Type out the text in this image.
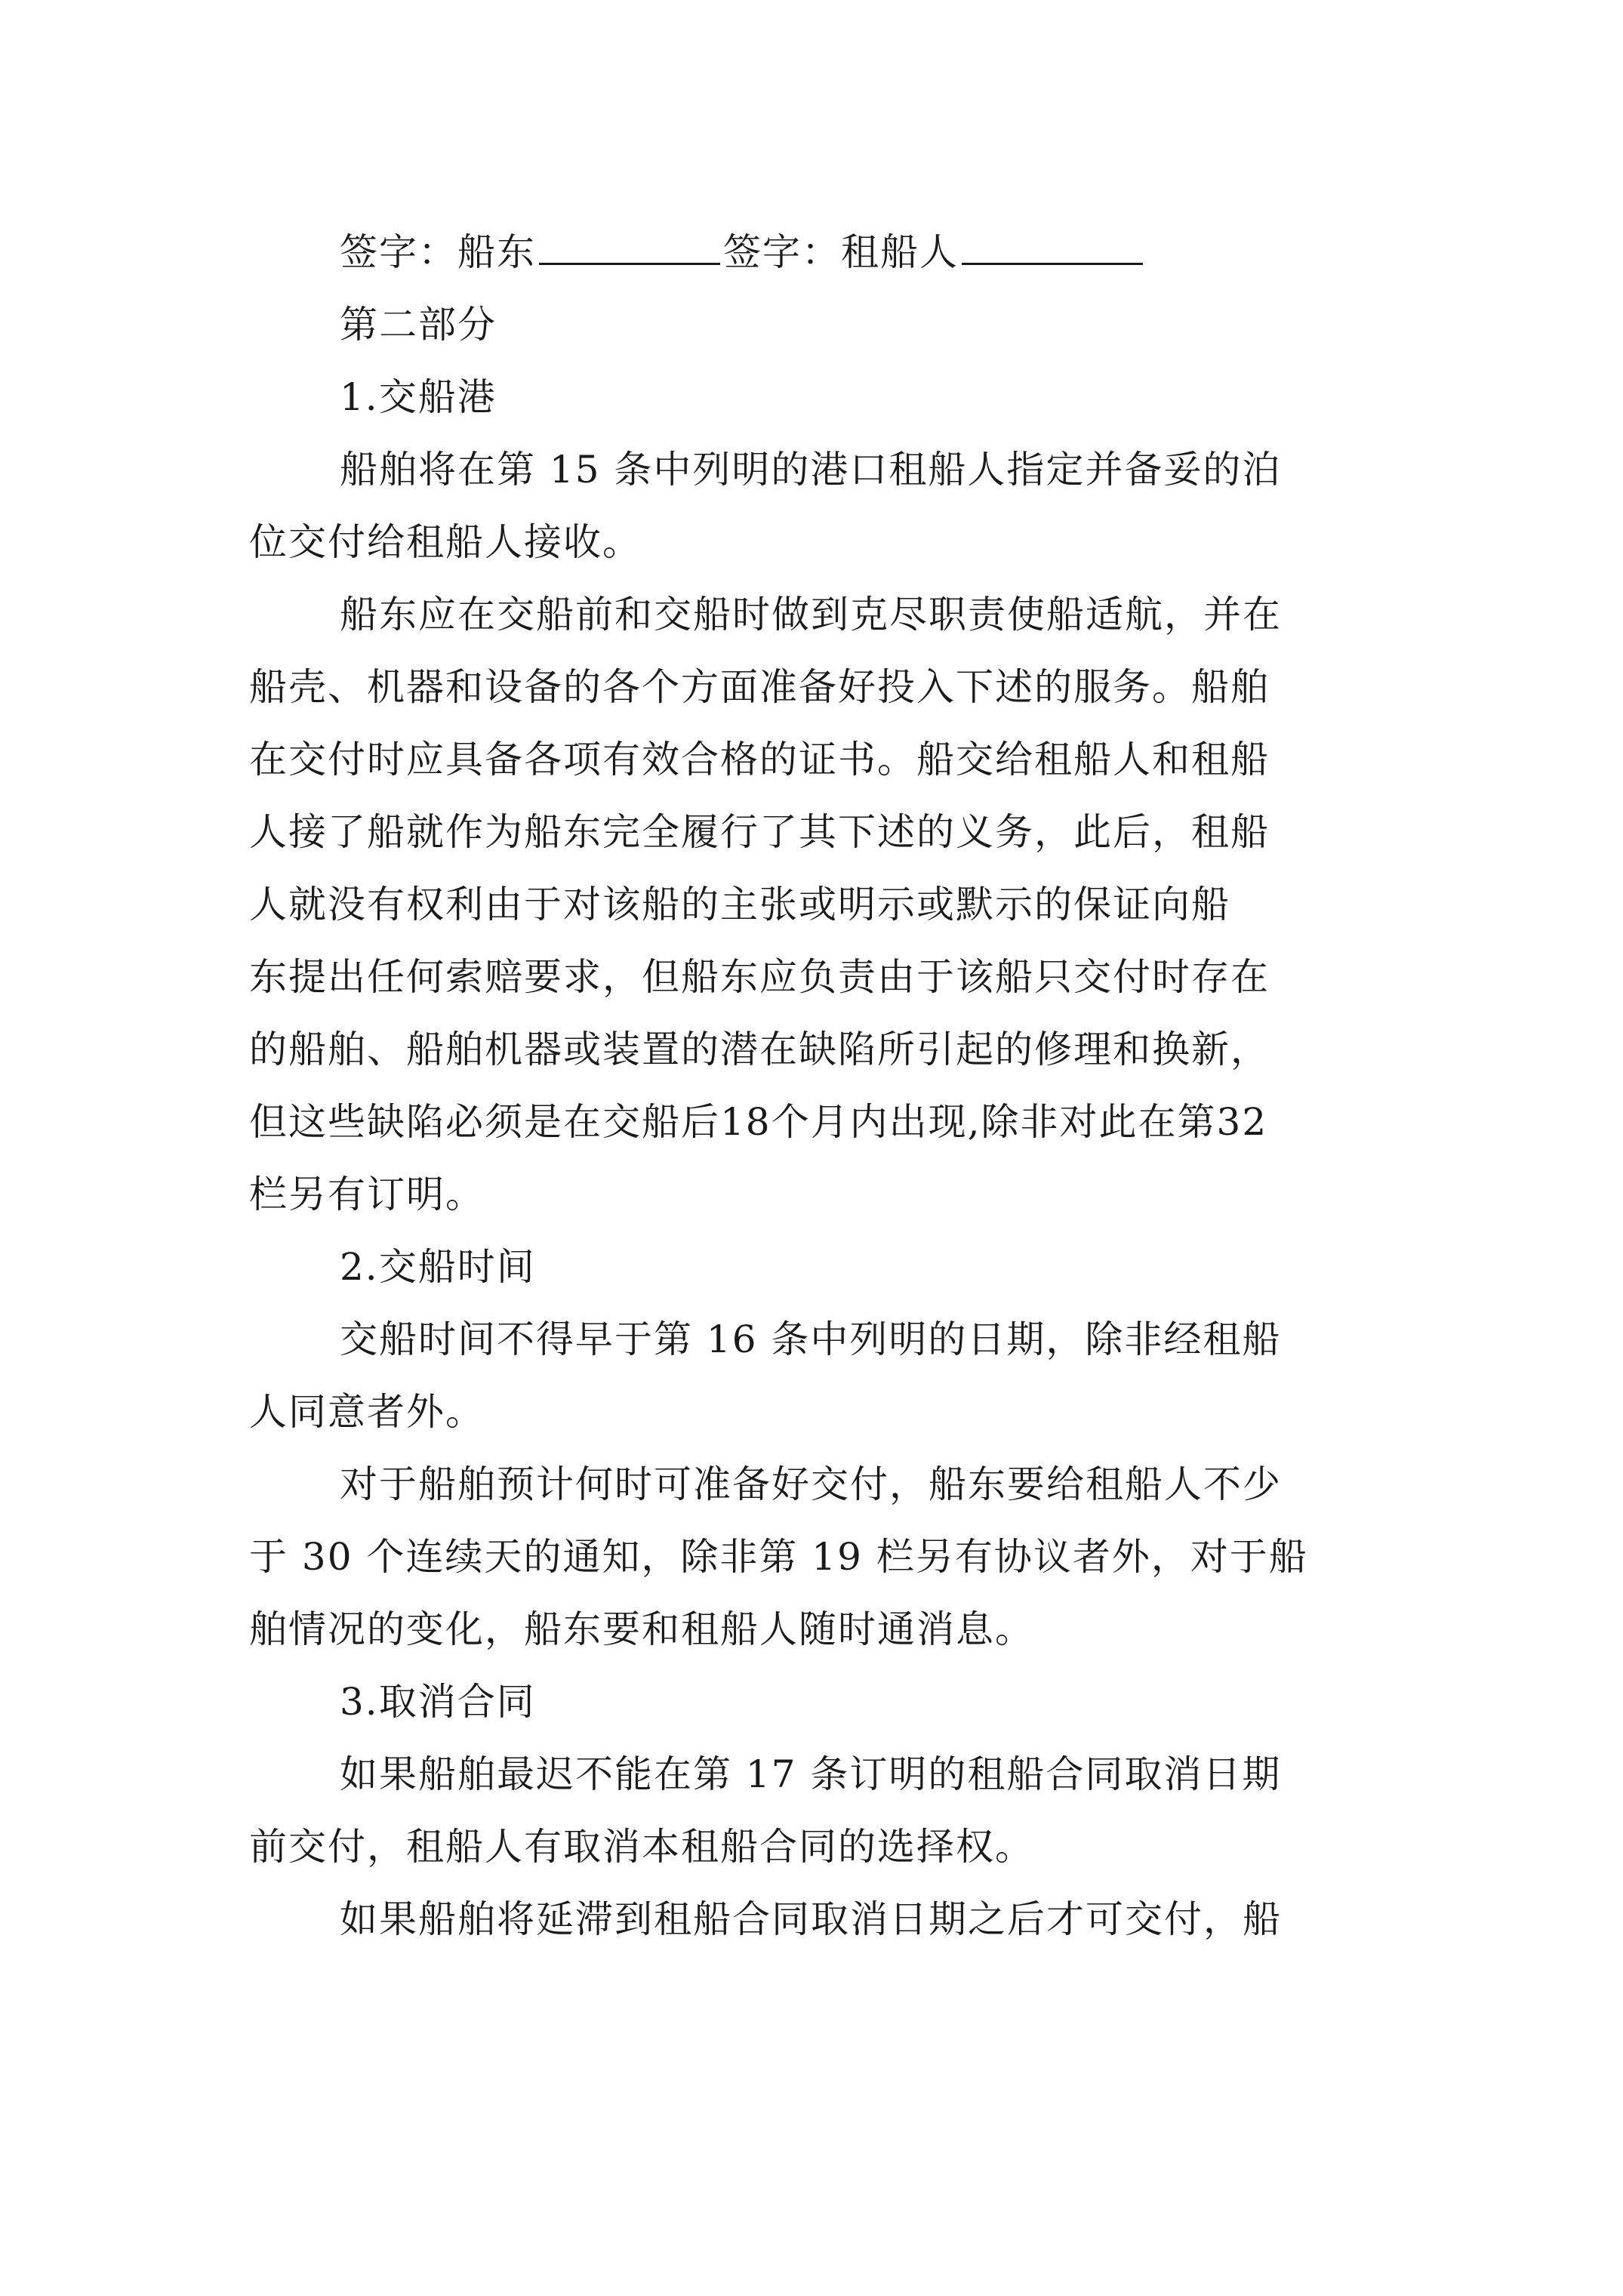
签字：船东	签字：租船人
第二部分
1.交船港
船舶将在第 15 条中列明的港口租船人指定并备妥的泊
位交付给租船人接收。
船东应在交船前和交船时做到克尽职责使船适航，并在
船壳、机器和设备的各个方面准备好投入下述的服务。船舶
在交付时应具备各项有效合格的证书。船交给租船人和租船
人接了船就作为船东完全履行了其下述的义务，此后，租船
人就没有权利由于对该船的主张或明示或默示的保证向船
东提出任何索赔要求，但船东应负责由于该船只交付时存在
的船舶、船舶机器或装置的潜在缺陷所引起的修理和换新，
但这些缺陷必须是在交船后18个月内出现,除非对此在第32
栏另有订明。
2.交船时间
交船时间不得早于第 16 条中列明的日期，除非经租船
人同意者外。
对于船舶预计何时可准备好交付，船东要给租船人不少
于 30 个连续天的通知，除非第 19 栏另有协议者外，对于船
舶情况的变化，船东要和租船人随时通消息。
3.取消合同
如果船舶最迟不能在第 17 条订明的租船合同取消日期
前交付，租船人有取消本租船合同的选择权。
如果船舶将延滞到租船合同取消日期之后才可交付，船
